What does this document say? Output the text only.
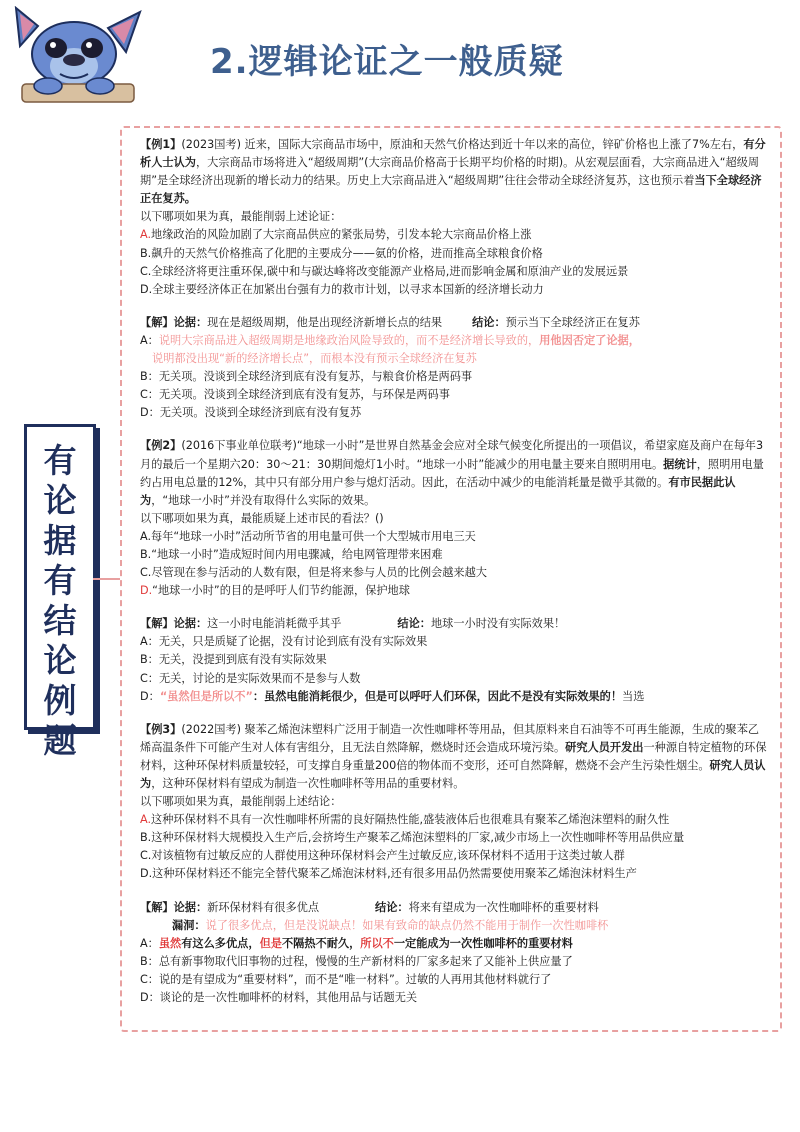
2.逻辑论证之一般质疑
有
论
据
有
结
论
例
题

【例1】(2023国考) 近来，国际大宗商品市场中，原油和天然气价格达到近十年以来的高位，锌矿价格也上涨了7%左右，有分析人士认为，大宗商品市场将进入“超级周期”(大宗商品价格高于长期平均价格的时期)。从宏观层面看，大宗商品进入“超级周期”是全球经济出现新的增长动力的结果。历史上大宗商品进入“超级周期”往往会带动全球经济复苏，这也预示着当下全球经济正在复苏。

以下哪项如果为真，最能削弱上述论证：

A.地缘政治的风险加剧了大宗商品供应的紧张局势，引发本轮大宗商品价格上涨

B.飙升的天然气价格推高了化肥的主要成分——氨的价格，进而推高全球粮食价格

C.全球经济将更注重环保,碳中和与碳达峰将改变能源产业格局,进而影响金属和原油产业的发展远景

D.全球主要经济体正在加紧出台强有力的救市计划，以寻求本国新的经济增长动力

【解】论据：现在是超级周期，他是出现经济新增长点的结果	结论：预示当下全球经济正在复苏

A：说明大宗商品进入超级周期是地缘政治风险导致的，而不是经济增长导致的，用他因否定了论据，

说明都没出现“新的经济增长点”，而根本没有预示全球经济在复苏

B：无关项。没谈到全球经济到底有没有复苏，与粮食价格是两码事

C：无关项。没谈到全球经济到底有没有复苏，与环保是两码事

D：无关项。没谈到全球经济到底有没有复苏

【例2】(2016下事业单位联考)“地球一小时”是世界自然基金会应对全球气候变化所提出的一项倡议，希望家庭及商户在每年3月的最后一个星期六20：30～21：30期间熄灯1小时。“地球一小时”能减少的用电量主要来自照明用电。据统计，照明用电量约占用电总量的12%，其中只有部分用户参与熄灯活动。因此，在活动中减少的电能消耗量是微乎其微的。有市民据此认为，“地球一小时”并没有取得什么实际的效果。

以下哪项如果为真，最能质疑上述市民的看法？()

A.每年“地球一小时”活动所节省的用电量可供一个大型城市用电三天

B.“地球一小时”造成短时间内用电骤减，给电网管理带来困难

C.尽管现在参与活动的人数有限，但是将来参与人员的比例会越来越大

D.“地球一小时”的目的是呼吁人们节约能源，保护地球

【解】论据：这一小时电能消耗微乎其乎	结论：地球一小时没有实际效果！

A：无关，只是质疑了论据，没有讨论到底有没有实际效果

B：无关，没提到到底有没有实际效果

C：无关，讨论的是实际效果而不是参与人数

D：“虽然但是所以不”：虽然电能消耗很少，但是可以呼吁人们环保，因此不是没有实际效果的！当选

【例3】(2022国考) 聚苯乙烯泡沫塑料广泛用于制造一次性咖啡杯等用品，但其原料来自石油等不可再生能源，生成的聚苯乙烯高温条件下可能产生对人体有害组分，且无法自然降解，燃烧时还会造成环境污染。研究人员开发出一种源自特定植物的环保材料，这种环保材料质量较轻，可支撑自身重量200倍的物体而不变形，还可自然降解，燃烧不会产生污染性烟尘。研究人员认为，这种环保材料有望成为制造一次性咖啡杯等用品的重要材料。

以下哪项如果为真，最能削弱上述结论：

A.这种环保材料不具有一次性咖啡杯所需的良好隔热性能,盛装液体后也很难具有聚苯乙烯泡沫塑料的耐久性

B.这种环保材料大规模投入生产后,会挤垮生产聚苯乙烯泡沫塑料的厂家,减少市场上一次性咖啡杯等用品供应量

C.对该植物有过敏反应的人群使用这种环保材料会产生过敏反应,该环保材料不适用于这类过敏人群

D.这种环保材料还不能完全替代聚苯乙烯泡沫材料,还有很多用品仍然需要使用聚苯乙烯泡沫材料生产

【解】论据：新环保材料有很多优点	结论：将来有望成为一次性咖啡杯的重要材料

漏洞：说了很多优点，但是没说缺点！如果有致命的缺点仍然不能用于制作一次性咖啡杯

A：虽然有这么多优点，但是不隔热不耐久，所以不一定能成为一次性咖啡杯的重要材料

B：总有新事物取代旧事物的过程，慢慢的生产新材料的厂家多起来了又能补上供应量了

C：说的是有望成为“重要材料”，而不是“唯一材料”。过敏的人再用其他材料就行了

D：谈论的是一次性咖啡杯的材料，其他用品与话题无关
